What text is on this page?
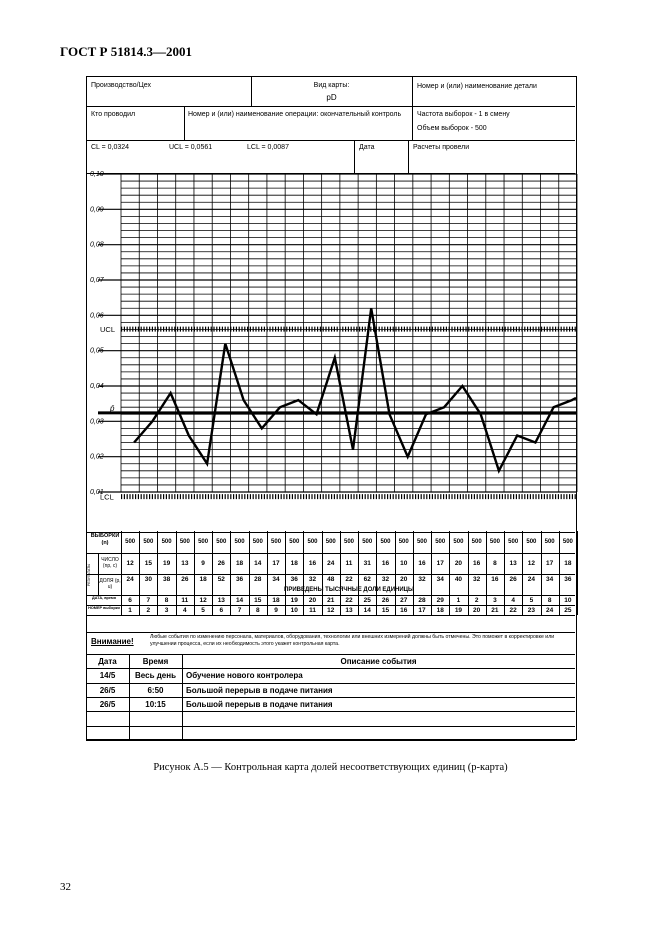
ГОСТ Р 51814.3—2001
Производство/Цех	Вид карты:
pD
Номер и (или) наименование детали
Кто проводил	Номер и (или) наименование операции: окончательный контроль	Частота выборок - 1 в смену
Объем выборок - 500
CL = 0,0324	UCL = 0,0561	LCL = 0,0087	Дата	Расчеты провели
0,10
0,09
0,08
0,07
0,06
0,05
0,04
0,03
0,02
0,01
UCL
LCL
p̄
ВЫБОРКИ (n)
РЕЗУЛЬТАТЫ
ЧИСЛО (np, c)
ДОЛЯ (p, u)
ДАТА, время
НОМЕР выборки
500	500	500	500	500	500	500	500	500	500	500	500	500	500	500	500	500	500	500	500	500	500	500	500	500
12	15	19	13	9	26	18	14	17	18	16	24	11	31	16	10	16	17	20	16	8	13	12	17	18
24	30	38	26	18	52	36	28	34	36	32	48	22	62	32	20	32	34	40	32	16	26	24	34	36
6	7	8	11	12	13	14	15	18	19	20	21	22	25	26	27	28	29	1	2	3	4	5	8	10
1	2	3	4	5	6	7	8	9	10	11	12	13	14	15	16	17	18	19	20	21	22	23	24	25
ПРИВЕДЕНЫ ТЫСЯЧНЫЕ ДОЛИ ЕДИНИЦЫ
Внимание!	Любые события по изменению персонала, материалов, оборудования, технологии или внешних измерений должны быть отмечены. Это поможет в корректировке или улучшении процесса, если их необходимость этого укажет контрольная карта.
Дата	Время	Описание события
14/5	Весь день	Обучение нового контролера
26/5	6:50	Большой перерыв в подаче питания
26/5	10:15	Большой перерыв в подаче питания
Рисунок А.5 — Контрольная карта долей несоответствующих единиц (p-карта)
32
